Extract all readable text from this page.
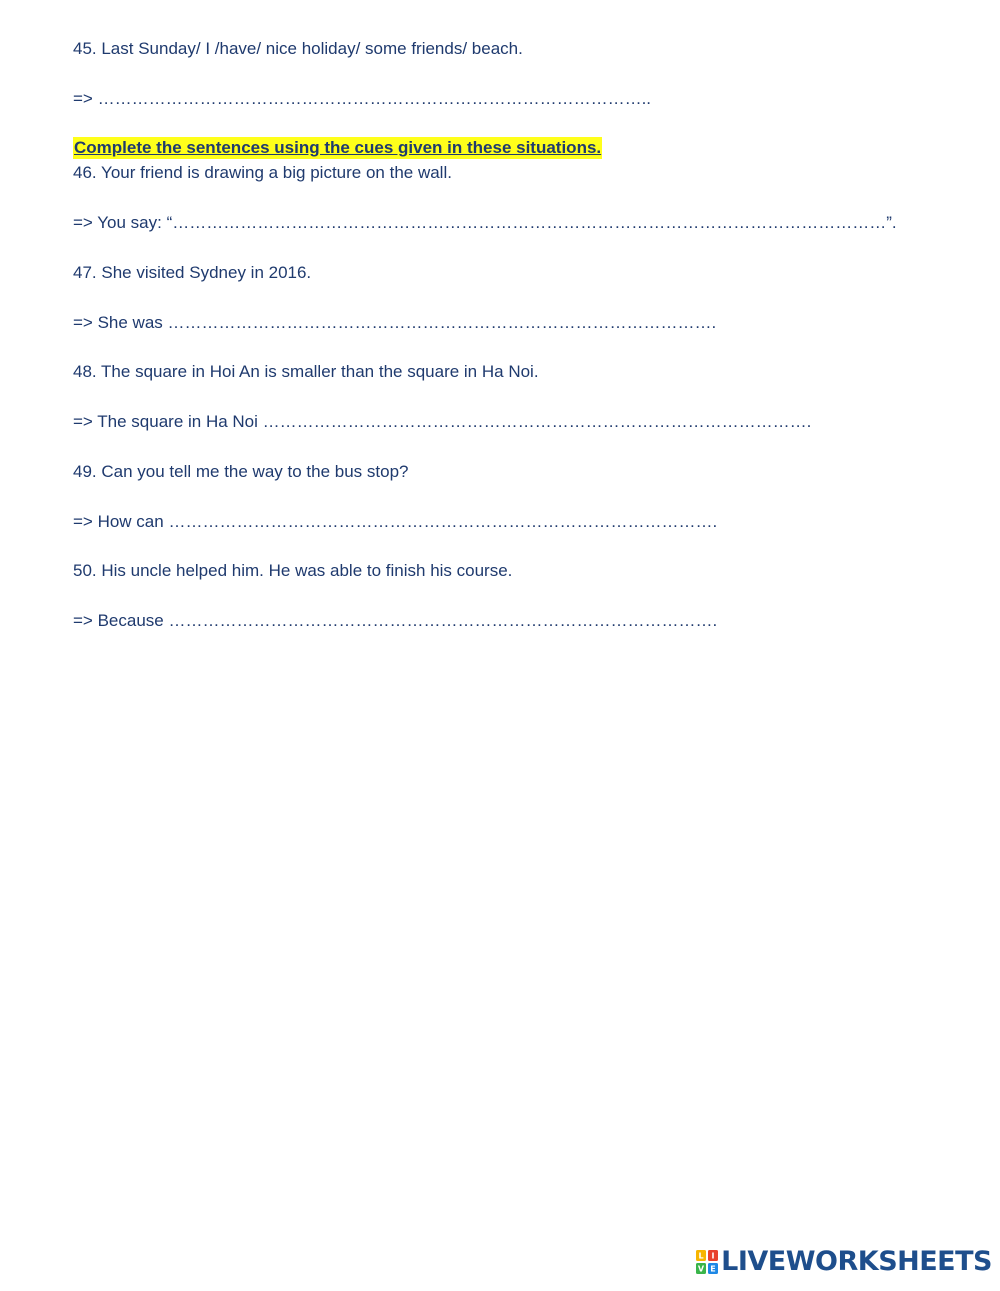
45. Last Sunday/ I /have/ nice holiday/ some friends/ beach.
=> ……………………………………………………………………………………..
Complete the sentences using the cues given in these situations.
46. Your friend is drawing a big picture on the wall.
=> You say: “………………………………………………………………………………………………………………”.
47. She visited Sydney in 2016.
=> She was …………………………………………………………………………………….
48. The square in Hoi An is smaller than the square in Ha Noi.
=> The square in Ha Noi …………………………………………………………………………………….
49. Can you tell me the way to the bus stop?
=> How can …………………………………………………………………………………….
50. His uncle helped him. He was able to finish his course.
=> Because …………………………………………………………………………………….
L I
V E LIVEWORKSHEETS
